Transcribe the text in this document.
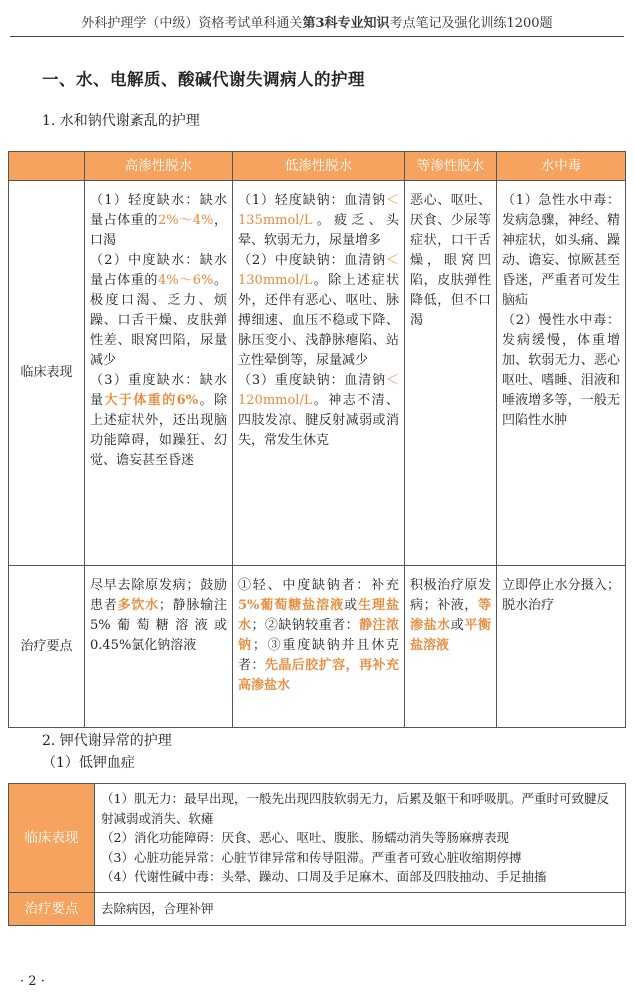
外科护理学（中级）资格考试单科通关第3科专业知识考点笔记及强化训练1200题
一、水、电解质、酸碱代谢失调病人的护理
1. 水和钠代谢紊乱的护理
	高渗性脱水	低渗性脱水	等渗性脱水	水中毒
临床表现	（1）轻度缺水：缺水量占体重的2%～4%，口渴
（2）中度缺水：缺水量占体重的4%～6%。极度口渴、乏力、烦躁、口舌干燥、皮肤弹性差、眼窝凹陷，尿量减少
（3）重度缺水：缺水量大于体重的6%。除上述症状外，还出现脑功能障碍，如躁狂、幻觉、谵妄甚至昏迷	（1）轻度缺钠：血清钠＜135mmol/L。疲乏、头晕、软弱无力，尿量增多
（2）中度缺钠：血清钠＜130mmol/L。除上述症状外，还伴有恶心、呕吐、脉搏细速、血压不稳或下降、脉压变小、浅静脉瘪陷、站立性晕倒等，尿量减少
（3）重度缺钠：血清钠＜120mmol/L。神志不清、四肢发凉、腱反射减弱或消失，常发生休克	恶心、呕吐、厌食、少尿等症状，口干舌燥，眼窝凹陷，皮肤弹性降低，但不口渴	（1）急性水中毒：发病急骤，神经、精神症状，如头痛、躁动、谵妄、惊厥甚至昏迷，严重者可发生脑疝
（2）慢性水中毒：发病缓慢，体重增加、软弱无力、恶心呕吐、嗜睡、泪液和唾液增多等，一般无凹陷性水肿
治疗要点	尽早去除原发病；鼓励患者多饮水；静脉输注5%葡萄糖溶液或0.45%氯化钠溶液	①轻、中度缺钠者：补充5%葡萄糖盐溶液或生理盐水；②缺钠较重者：静注浓钠；③重度缺钠并且休克者：先晶后胶扩容，再补充高渗盐水	积极治疗原发病；补液，等渗盐水或平衡盐溶液	立即停止水分摄入；脱水治疗
2. 钾代谢异常的护理
（1）低钾血症
临床表现	（1）肌无力：最早出现，一般先出现四肢软弱无力，后累及躯干和呼吸肌。严重时可致腱反射减弱或消失、软瘫
（2）消化功能障碍：厌食、恶心、呕吐、腹胀、肠蠕动消失等肠麻痹表现
（3）心脏功能异常：心脏节律异常和传导阻滞。严重者可致心脏收缩期停搏
（4）代谢性碱中毒：头晕、躁动、口周及手足麻木、面部及四肢抽动、手足抽搐

治疗要点	去除病因，合理补钾
· 2 ·
